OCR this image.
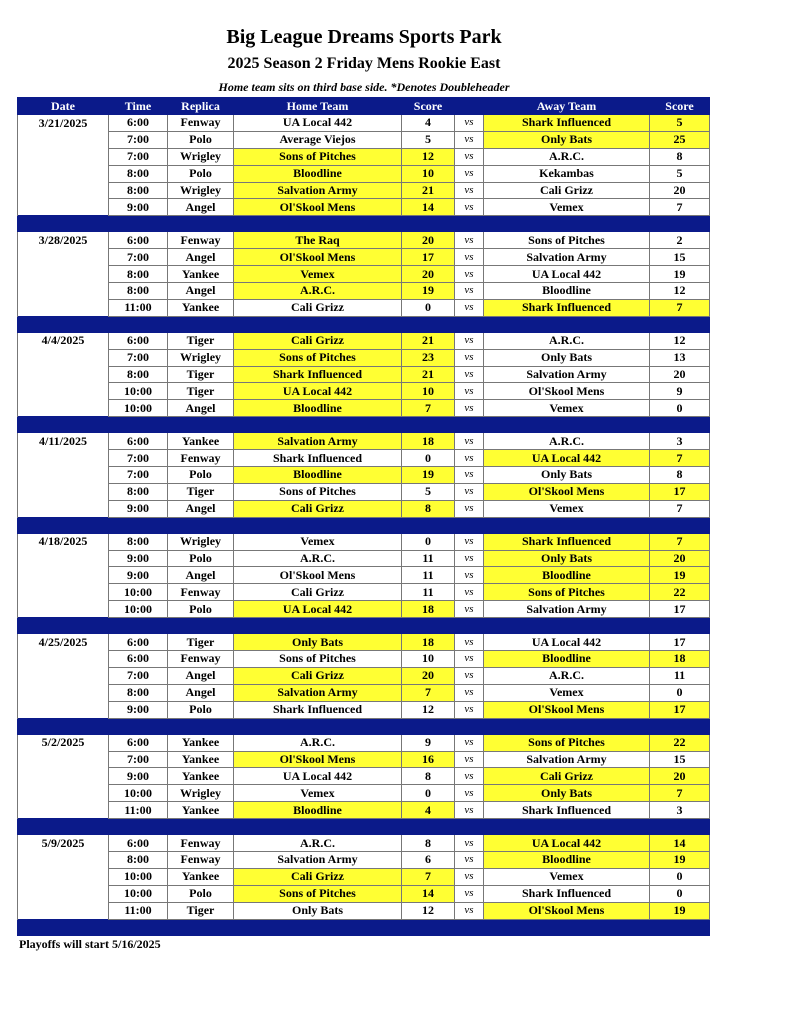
Big League Dreams Sports Park
2025 Season 2 Friday Mens Rookie East
Home team sits on third base side. *Denotes Doubleheader
Date	Time	Replica	Home Team	Score		Away Team	Score
3/21/2025	6:00	Fenway	UA Local 442	4	vs	Shark Influenced	5
	7:00	Polo	Average Viejos	5	vs	Only Bats	25
	7:00	Wrigley	Sons of Pitches	12	vs	A.R.C.	8
	8:00	Polo	Bloodline	10	vs	Kekambas	5
	8:00	Wrigley	Salvation Army	21	vs	Cali Grizz	20
	9:00	Angel	Ol'Skool Mens	14	vs	Vemex	7

3/28/2025	6:00	Fenway	The Raq	20	vs	Sons of Pitches	2
	7:00	Angel	Ol'Skool Mens	17	vs	Salvation Army	15
	8:00	Yankee	Vemex	20	vs	UA Local 442	19
	8:00	Angel	A.R.C.	19	vs	Bloodline	12
	11:00	Yankee	Cali Grizz	0	vs	Shark Influenced	7

4/4/2025	6:00	Tiger	Cali Grizz	21	vs	A.R.C.	12
	7:00	Wrigley	Sons of Pitches	23	vs	Only Bats	13
	8:00	Tiger	Shark Influenced	21	vs	Salvation Army	20
	10:00	Tiger	UA Local 442	10	vs	Ol'Skool Mens	9
	10:00	Angel	Bloodline	7	vs	Vemex	0

4/11/2025	6:00	Yankee	Salvation Army	18	vs	A.R.C.	3
	7:00	Fenway	Shark Influenced	0	vs	UA Local 442	7
	7:00	Polo	Bloodline	19	vs	Only Bats	8
	8:00	Tiger	Sons of Pitches	5	vs	Ol'Skool Mens	17
	9:00	Angel	Cali Grizz	8	vs	Vemex	7

4/18/2025	8:00	Wrigley	Vemex	0	vs	Shark Influenced	7
	9:00	Polo	A.R.C.	11	vs	Only Bats	20
	9:00	Angel	Ol'Skool Mens	11	vs	Bloodline	19
	10:00	Fenway	Cali Grizz	11	vs	Sons of Pitches	22
	10:00	Polo	UA Local 442	18	vs	Salvation Army	17

4/25/2025	6:00	Tiger	Only Bats	18	vs	UA Local 442	17
	6:00	Fenway	Sons of Pitches	10	vs	Bloodline	18
	7:00	Angel	Cali Grizz	20	vs	A.R.C.	11
	8:00	Angel	Salvation Army	7	vs	Vemex	0
	9:00	Polo	Shark Influenced	12	vs	Ol'Skool Mens	17

5/2/2025	6:00	Yankee	A.R.C.	9	vs	Sons of Pitches	22
	7:00	Yankee	Ol'Skool Mens	16	vs	Salvation Army	15
	9:00	Yankee	UA Local 442	8	vs	Cali Grizz	20
	10:00	Wrigley	Vemex	0	vs	Only Bats	7
	11:00	Yankee	Bloodline	4	vs	Shark Influenced	3

5/9/2025	6:00	Fenway	A.R.C.	8	vs	UA Local 442	14
	8:00	Fenway	Salvation Army	6	vs	Bloodline	19
	10:00	Yankee	Cali Grizz	7	vs	Vemex	0
	10:00	Polo	Sons of Pitches	14	vs	Shark Influenced	0
	11:00	Tiger	Only Bats	12	vs	Ol'Skool Mens	19

Playoffs will start 5/16/2025
